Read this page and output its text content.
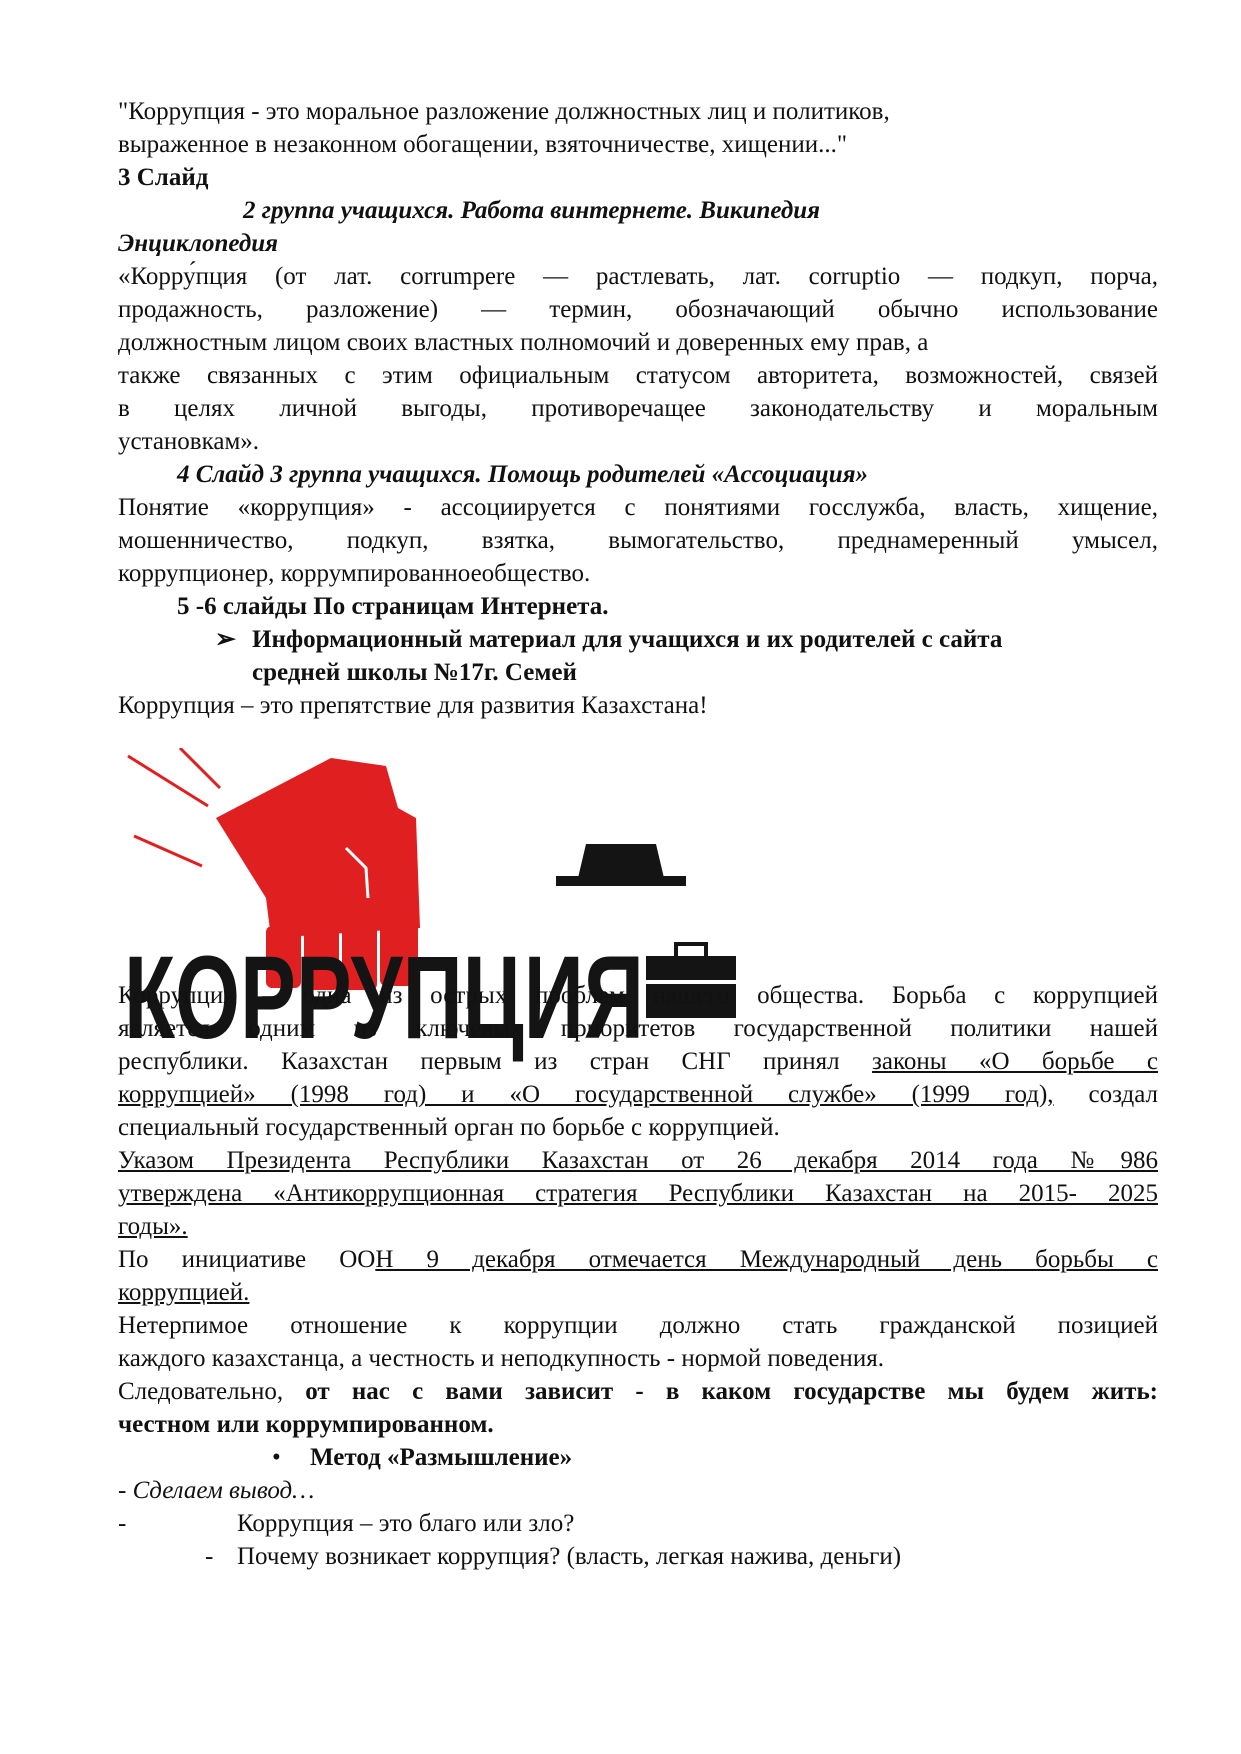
"Коррупция - это моральное разложение должностных лиц и политиков,
выраженное в незаконном обогащении, взяточничестве, хищении..."
3 Слайд
2 группа учащихся. Работа винтернете. Википедия
Энциклопедия
«Корру́пция (от лат. corrumpere — растлевать, лат. corruptio — подкуп, порча,
продажность, разложение) — термин, обозначающий обычно использование
должностным лицом своих властных полномочий и доверенных ему прав, а
также связанных с этим официальным статусом авторитета, возможностей, связей
в целях личной выгоды, противоречащее законодательству и моральным
установкам».
4 Слайд 3 группа учащихся. Помощь родителей «Ассоциация»
Понятие «коррупция» - ассоциируется с понятиями госслужба, власть, хищение,
мошенничество, подкуп, взятка, вымогательство, преднамеренный умысел,
коррупционер, коррумпированноеобщество.
5 -6 слайды По страницам Интернета.
➢ Информационный материал для учащихся и их родителей с сайта
средней школы №17г. Семей
Коррупция – это препятствие для развития Казахстана!
КОРРУПЦИЯ
Коррупция – одна из острых проблем нашего общества. Борьба с коррупцией
является одним из ключевых приоритетов государственной политики нашей
республики. Казахстан первым из стран СНГ принял законы «О борьбе с
коррупцией» (1998 год) и «О государственной службе» (1999 год), создал
специальный государственный орган по борьбе с коррупцией.
Указом Президента Республики Казахстан от 26 декабря 2014 года №986
утверждена «Антикоррупционная стратегия Республики Казахстан на 2015- 2025
годы».
По инициативе ООН 9 декабря отмечается Международный день борьбы с
коррупцией.
Нетерпимое отношение к коррупции должно стать гражданской позицией
каждого казахстанца, а честность и неподкупность - нормой поведения.
Следовательно, от нас с вами зависит - в каком государстве мы будем жить:
честном или коррумпированном.
•	Метод «Размышление»
- Сделаем вывод…
-	Коррупция – это благо или зло?
- Почему возникает коррупция? (власть, легкая нажива, деньги)
